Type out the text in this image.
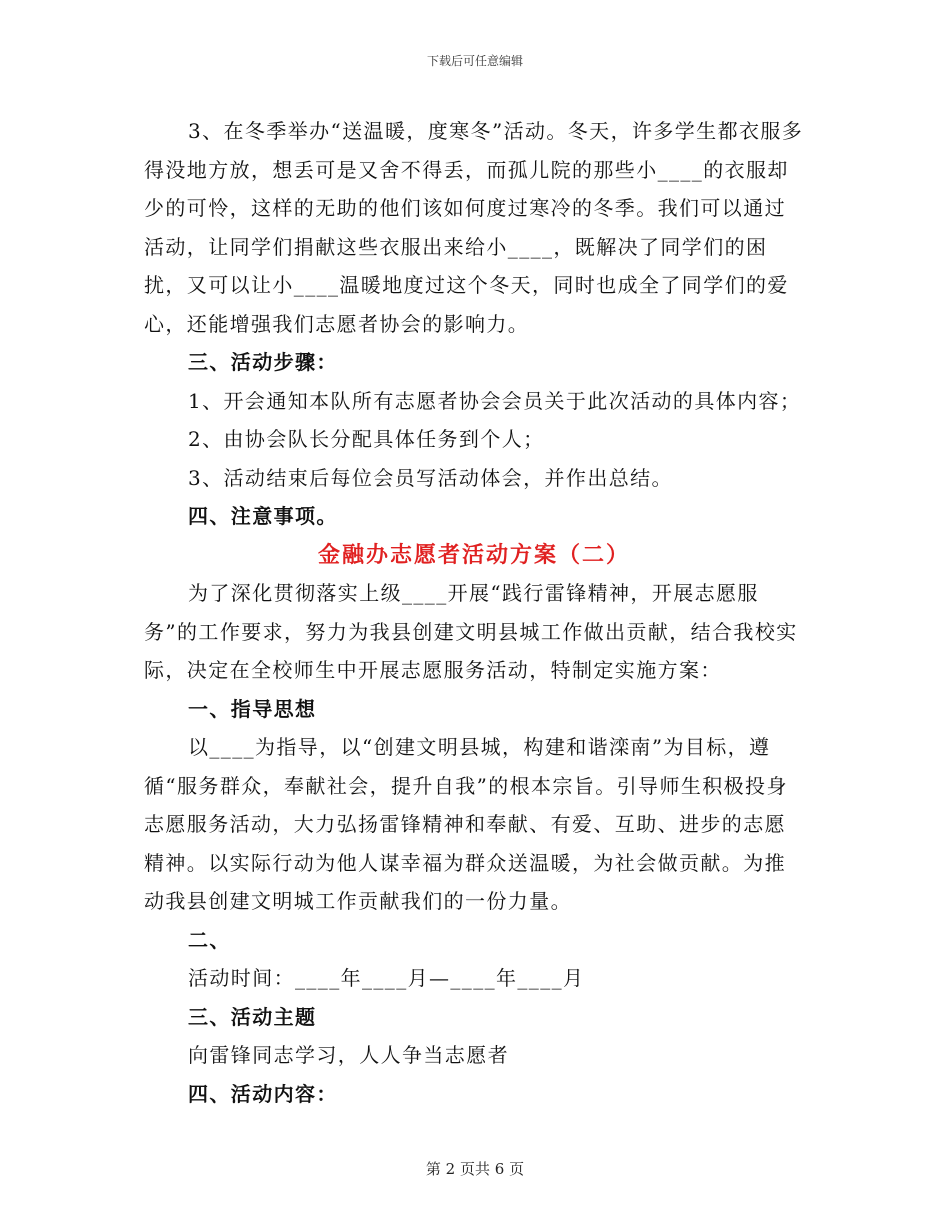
下载后可任意编辑

3、在冬季举办“送温暖，度寒冬”活动。冬天，许多学生都衣服多得没地方放，想丢可是又舍不得丢，而孤儿院的那些小____的衣服却少的可怜，这样的无助的他们该如何度过寒冷的冬季。我们可以通过活动，让同学们捐献这些衣服出来给小____，既解决了同学们的困扰，又可以让小____温暖地度过这个冬天，同时也成全了同学们的爱心，还能增强我们志愿者协会的影响力。

三、活动步骤：

1、开会通知本队所有志愿者协会会员关于此次活动的具体内容；

2、由协会队长分配具体任务到个人；

3、活动结束后每位会员写活动体会，并作出总结。

四、注意事项。

金融办志愿者活动方案（二）

为了深化贯彻落实上级____开展“践行雷锋精神，开展志愿服务”的工作要求，努力为我县创建文明县城工作做出贡献，结合我校实际，决定在全校师生中开展志愿服务活动，特制定实施方案：

一、指导思想

以____为指导，以“创建文明县城，构建和谐滦南”为目标，遵循“服务群众，奉献社会，提升自我”的根本宗旨。引导师生积极投身志愿服务活动，大力弘扬雷锋精神和奉献、有爱、互助、进步的志愿精神。以实际行动为他人谋幸福为群众送温暖，为社会做贡献。为推动我县创建文明城工作贡献我们的一份力量。

二、

活动时间：____年____月—____年____月

三、活动主题

向雷锋同志学习，人人争当志愿者

四、活动内容：

第 2 页共 6 页
